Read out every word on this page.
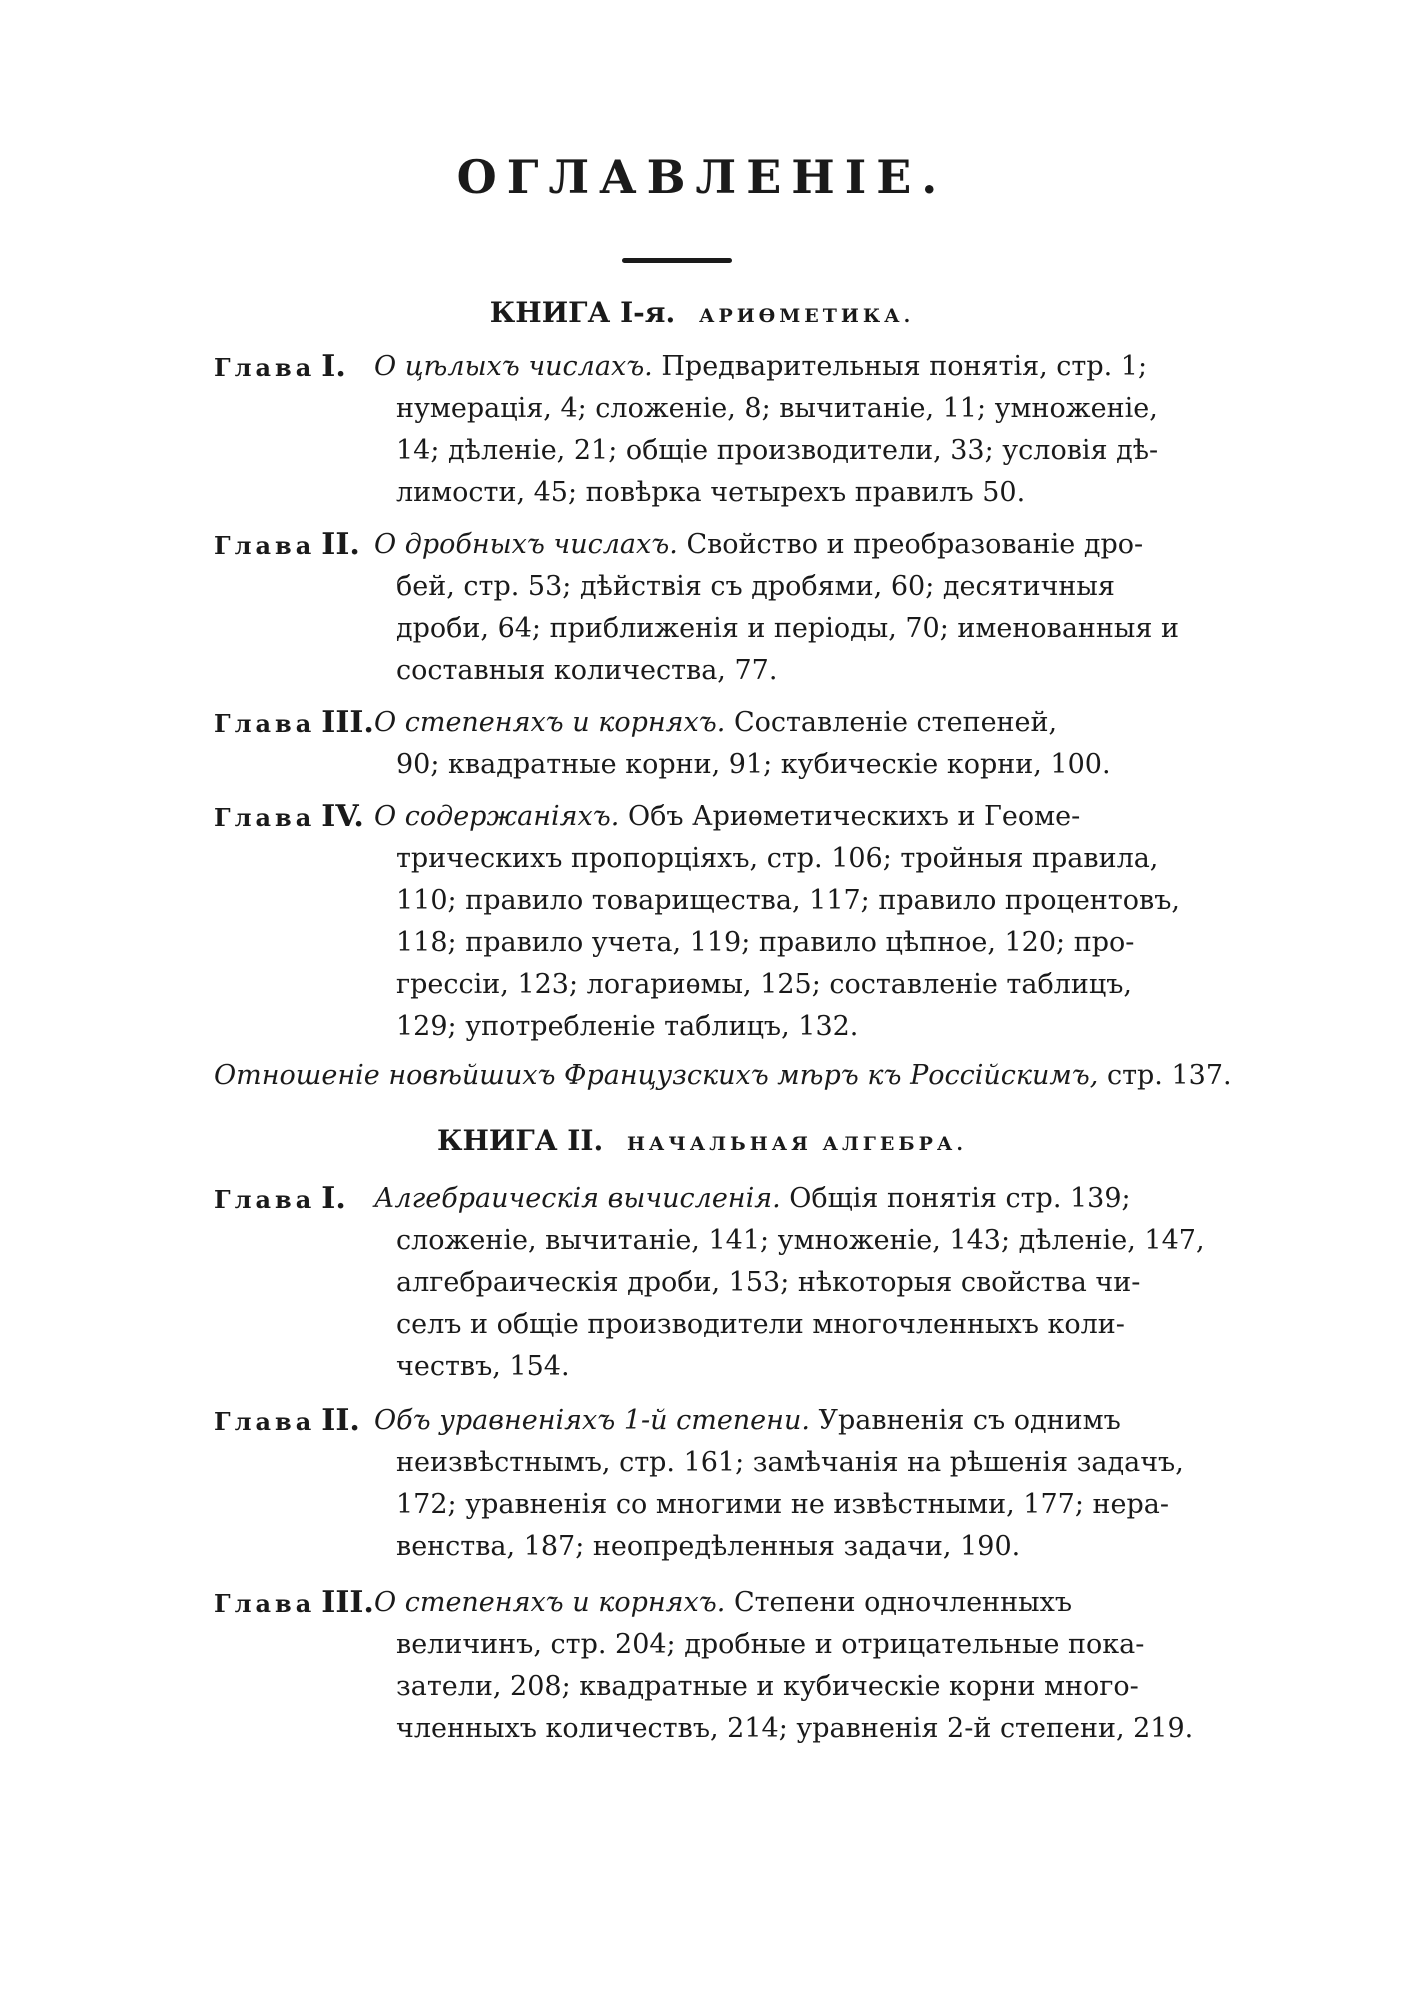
ОГЛАВЛЕНІЕ.
КНИГА I-я. АРИѲМЕТИКА.
Глава I. О цѣлыхъ числахъ. Предварительныя понятія, стр. 1;
нумерація, 4; сложеніе, 8; вычитаніе, 11; умноженіе,
14; дѣленіе, 21; общіе производители, 33; условія дѣ-
лимости, 45; повѣрка четырехъ правилъ 50.
Глава II. О дробныхъ числахъ. Свойство и преобразованіе дро-
бей, стр. 53; дѣйствія съ дробями, 60; десятичныя
дроби, 64; приближенія и періоды, 70; именованныя и
составныя количества, 77.
Глава III. О степеняхъ и корняхъ. Составленіе степеней,
90; квадратные корни, 91; кубическіе корни, 100.
Глава IV. О содержаніяхъ. Объ Ариѳметическихъ и Геоме-
трическихъ пропорціяхъ, стр. 106; тройныя правила,
110; правило товарищества, 117; правило процентовъ,
118; правило учета, 119; правило цѣпное, 120; про-
грессіи, 123; логариѳмы, 125; составленіе таблицъ,
129; употребленіе таблицъ, 132.
Отношеніе новѣйшихъ Французскихъ мѣръ къ Россійскимъ, стр. 137.
КНИГА II. НАЧАЛЬНАЯ АЛГЕБРА.
Глава I. Алгебраическія вычисленія. Общія понятія стр. 139;
сложеніе, вычитаніе, 141; умноженіе, 143; дѣленіе, 147,
алгебраическія дроби, 153; нѣкоторыя свойства чи-
селъ и общіе производители многочленныхъ коли-
чествъ, 154.
Глава II. Объ уравненіяхъ 1-й степени. Уравненія съ однимъ
неизвѣстнымъ, стр. 161; замѣчанія на рѣшенія задачъ,
172; уравненія со многими не извѣстными, 177; нера-
венства, 187; неопредѣленныя задачи, 190.
Глава III. О степеняхъ и корняхъ. Степени одночленныхъ
величинъ, стр. 204; дробные и отрицательные пока-
затели, 208; квадратные и кубическіе корни много-
членныхъ количествъ, 214; уравненія 2-й степени, 219.
